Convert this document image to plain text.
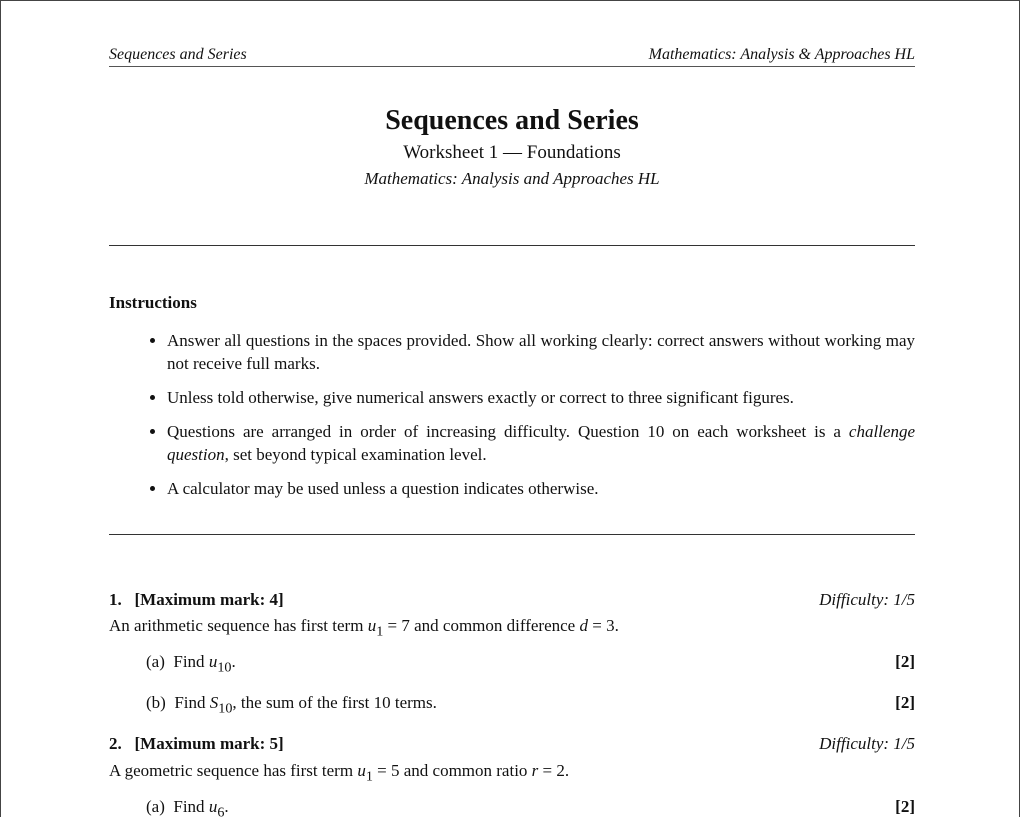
Sequences and Series	Mathematics: Analysis & Approaches HL
Sequences and Series
Worksheet 1 — Foundations
Mathematics: Analysis and Approaches HL
Instructions
• Answer all questions in the spaces provided. Show all working clearly: correct answers without working may not receive full marks.
• Unless told otherwise, give numerical answers exactly or correct to three significant figures.
• Questions are arranged in order of increasing difficulty. Question 10 on each worksheet is a challenge question, set beyond typical examination level.
• A calculator may be used unless a question indicates otherwise.
1. [Maximum mark: 4]	Difficulty: 1/5
An arithmetic sequence has first term $u_1 = 7$ and common difference d = 3.
(a) Find $u_{10}$.	[2]
(b) Find $S_{10}$, the sum of the first 10 terms.	[2]
2. [Maximum mark: 5]	Difficulty: 1/5
A geometric sequence has first term $u_1 = 5$ and common ratio r = 2.
(a) Find $u_6$.	[2]
